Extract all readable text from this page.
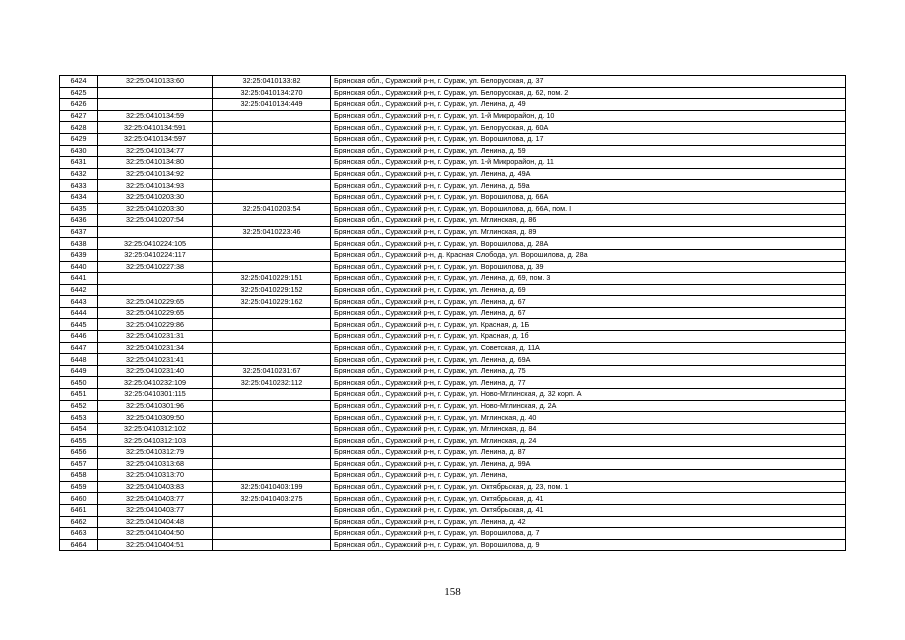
6424	32:25:0410133:60	32:25:0410133:82	Брянская обл., Суражский р-н, г. Сураж, ул. Белорусская, д. 37
6425		32:25:0410134:270	Брянская обл., Суражский р-н, г. Сураж, ул. Белорусская, д. 62, пом. 2
6426		32:25:0410134:449	Брянская обл., Суражский р-н, г. Сураж, ул. Ленина, д. 49
6427	32:25:0410134:59		Брянская обл., Суражский р-н, г. Сураж, ул. 1-й Микрорайон, д. 10
6428	32:25:0410134:591		Брянская обл., Суражский р-н, г. Сураж, ул. Белорусская, д. 60А
6429	32:25:0410134:597		Брянская обл., Суражский р-н, г. Сураж, ул. Ворошилова, д. 17
6430	32:25:0410134:77		Брянская обл., Суражский р-н, г. Сураж, ул. Ленина, д. 59
6431	32:25:0410134:80		Брянская обл., Суражский р-н, г. Сураж, ул. 1-й Микрорайон, д. 11
6432	32:25:0410134:92		Брянская обл., Суражский р-н, г. Сураж, ул. Ленина, д. 49А
6433	32:25:0410134:93		Брянская обл., Суражский р-н, г. Сураж, ул. Ленина, д. 59а
6434	32:25:0410203:30		Брянская обл., Суражский р-н, г. Сураж, ул. Ворошилова, д. 66А
6435	32:25:0410203:30	32:25:0410203:54	Брянская обл., Суражский р-н, г. Сураж, ул. Ворошилова, д. 66А, пом. I
6436	32:25:0410207:54		Брянская обл., Суражский р-н, г. Сураж, ул. Мглинская, д. 86
6437		32:25:0410223:46	Брянская обл., Суражский р-н, г. Сураж, ул. Мглинская, д. 89
6438	32:25:0410224:105		Брянская обл., Суражский р-н, г. Сураж, ул. Ворошилова, д. 28А
6439	32:25:0410224:117		Брянская обл., Суражский р-н, д. Красная Слобода, ул. Ворошилова, д. 28а
6440	32:25:0410227:38		Брянская обл., Суражский р-н, г. Сураж, ул. Ворошилова, д. 39
6441		32:25:0410229:151	Брянская обл., Суражский р-н, г. Сураж, ул. Ленина, д. 69, пом. 3
6442		32:25:0410229:152	Брянская обл., Суражский р-н, г. Сураж, ул. Ленина, д. 69
6443	32:25:0410229:65	32:25:0410229:162	Брянская обл., Суражский р-н, г. Сураж, ул. Ленина, д. 67
6444	32:25:0410229:65		Брянская обл., Суражский р-н, г. Сураж, ул. Ленина, д. 67
6445	32:25:0410229:86		Брянская обл., Суражский р-н, г. Сураж, ул. Красная, д. 1Б
6446	32:25:0410231:31		Брянская обл., Суражский р-н, г. Сураж, ул. Красная, д. 1б
6447	32:25:0410231:34		Брянская обл., Суражский р-н, г. Сураж, ул. Советская, д. 11А
6448	32:25:0410231:41		Брянская обл., Суражский р-н, г. Сураж, ул. Ленина, д. 69А
6449	32:25:0410231:40	32:25:0410231:67	Брянская обл., Суражский р-н, г. Сураж, ул. Ленина, д. 75
6450	32:25:0410232:109	32:25:0410232:112	Брянская обл., Суражский р-н, г. Сураж, ул. Ленина, д. 77
6451	32:25:0410301:115		Брянская обл., Суражский р-н, г. Сураж, ул. Ново-Мглинская, д. 32 корп. А
6452	32:25:0410301:96		Брянская обл., Суражский р-н, г. Сураж, ул. Ново-Мглинская, д. 2А
6453	32:25:0410309:50		Брянская обл., Суражский р-н, г. Сураж, ул. Мглинская, д. 40
6454	32:25:0410312:102		Брянская обл., Суражский р-н, г. Сураж, ул. Мглинская, д. 84
6455	32:25:0410312:103		Брянская обл., Суражский р-н, г. Сураж, ул. Мглинская, д. 24
6456	32:25:0410312:79		Брянская обл., Суражский р-н, г. Сураж, ул. Ленина, д. 87
6457	32:25:0410313:68		Брянская обл., Суражский р-н, г. Сураж, ул. Ленина, д. 99А
6458	32:25:0410313:70		Брянская обл., Суражский р-н, г. Сураж, ул. Ленина,
6459	32:25:0410403:83	32:25:0410403:199	Брянская обл., Суражский р-н, г. Сураж, ул. Октябрьская, д. 23, пом. 1
6460	32:25:0410403:77	32:25:0410403:275	Брянская обл., Суражский р-н, г. Сураж, ул. Октябрьская, д. 41
6461	32:25:0410403:77		Брянская обл., Суражский р-н, г. Сураж, ул. Октябрьская, д. 41
6462	32:25:0410404:48		Брянская обл., Суражский р-н, г. Сураж, ул. Ленина, д. 42
6463	32:25:0410404:50		Брянская обл., Суражский р-н, г. Сураж, ул. Ворошилова, д. 7
6464	32:25:0410404:51		Брянская обл., Суражский р-н, г. Сураж, ул. Ворошилова, д. 9
158
